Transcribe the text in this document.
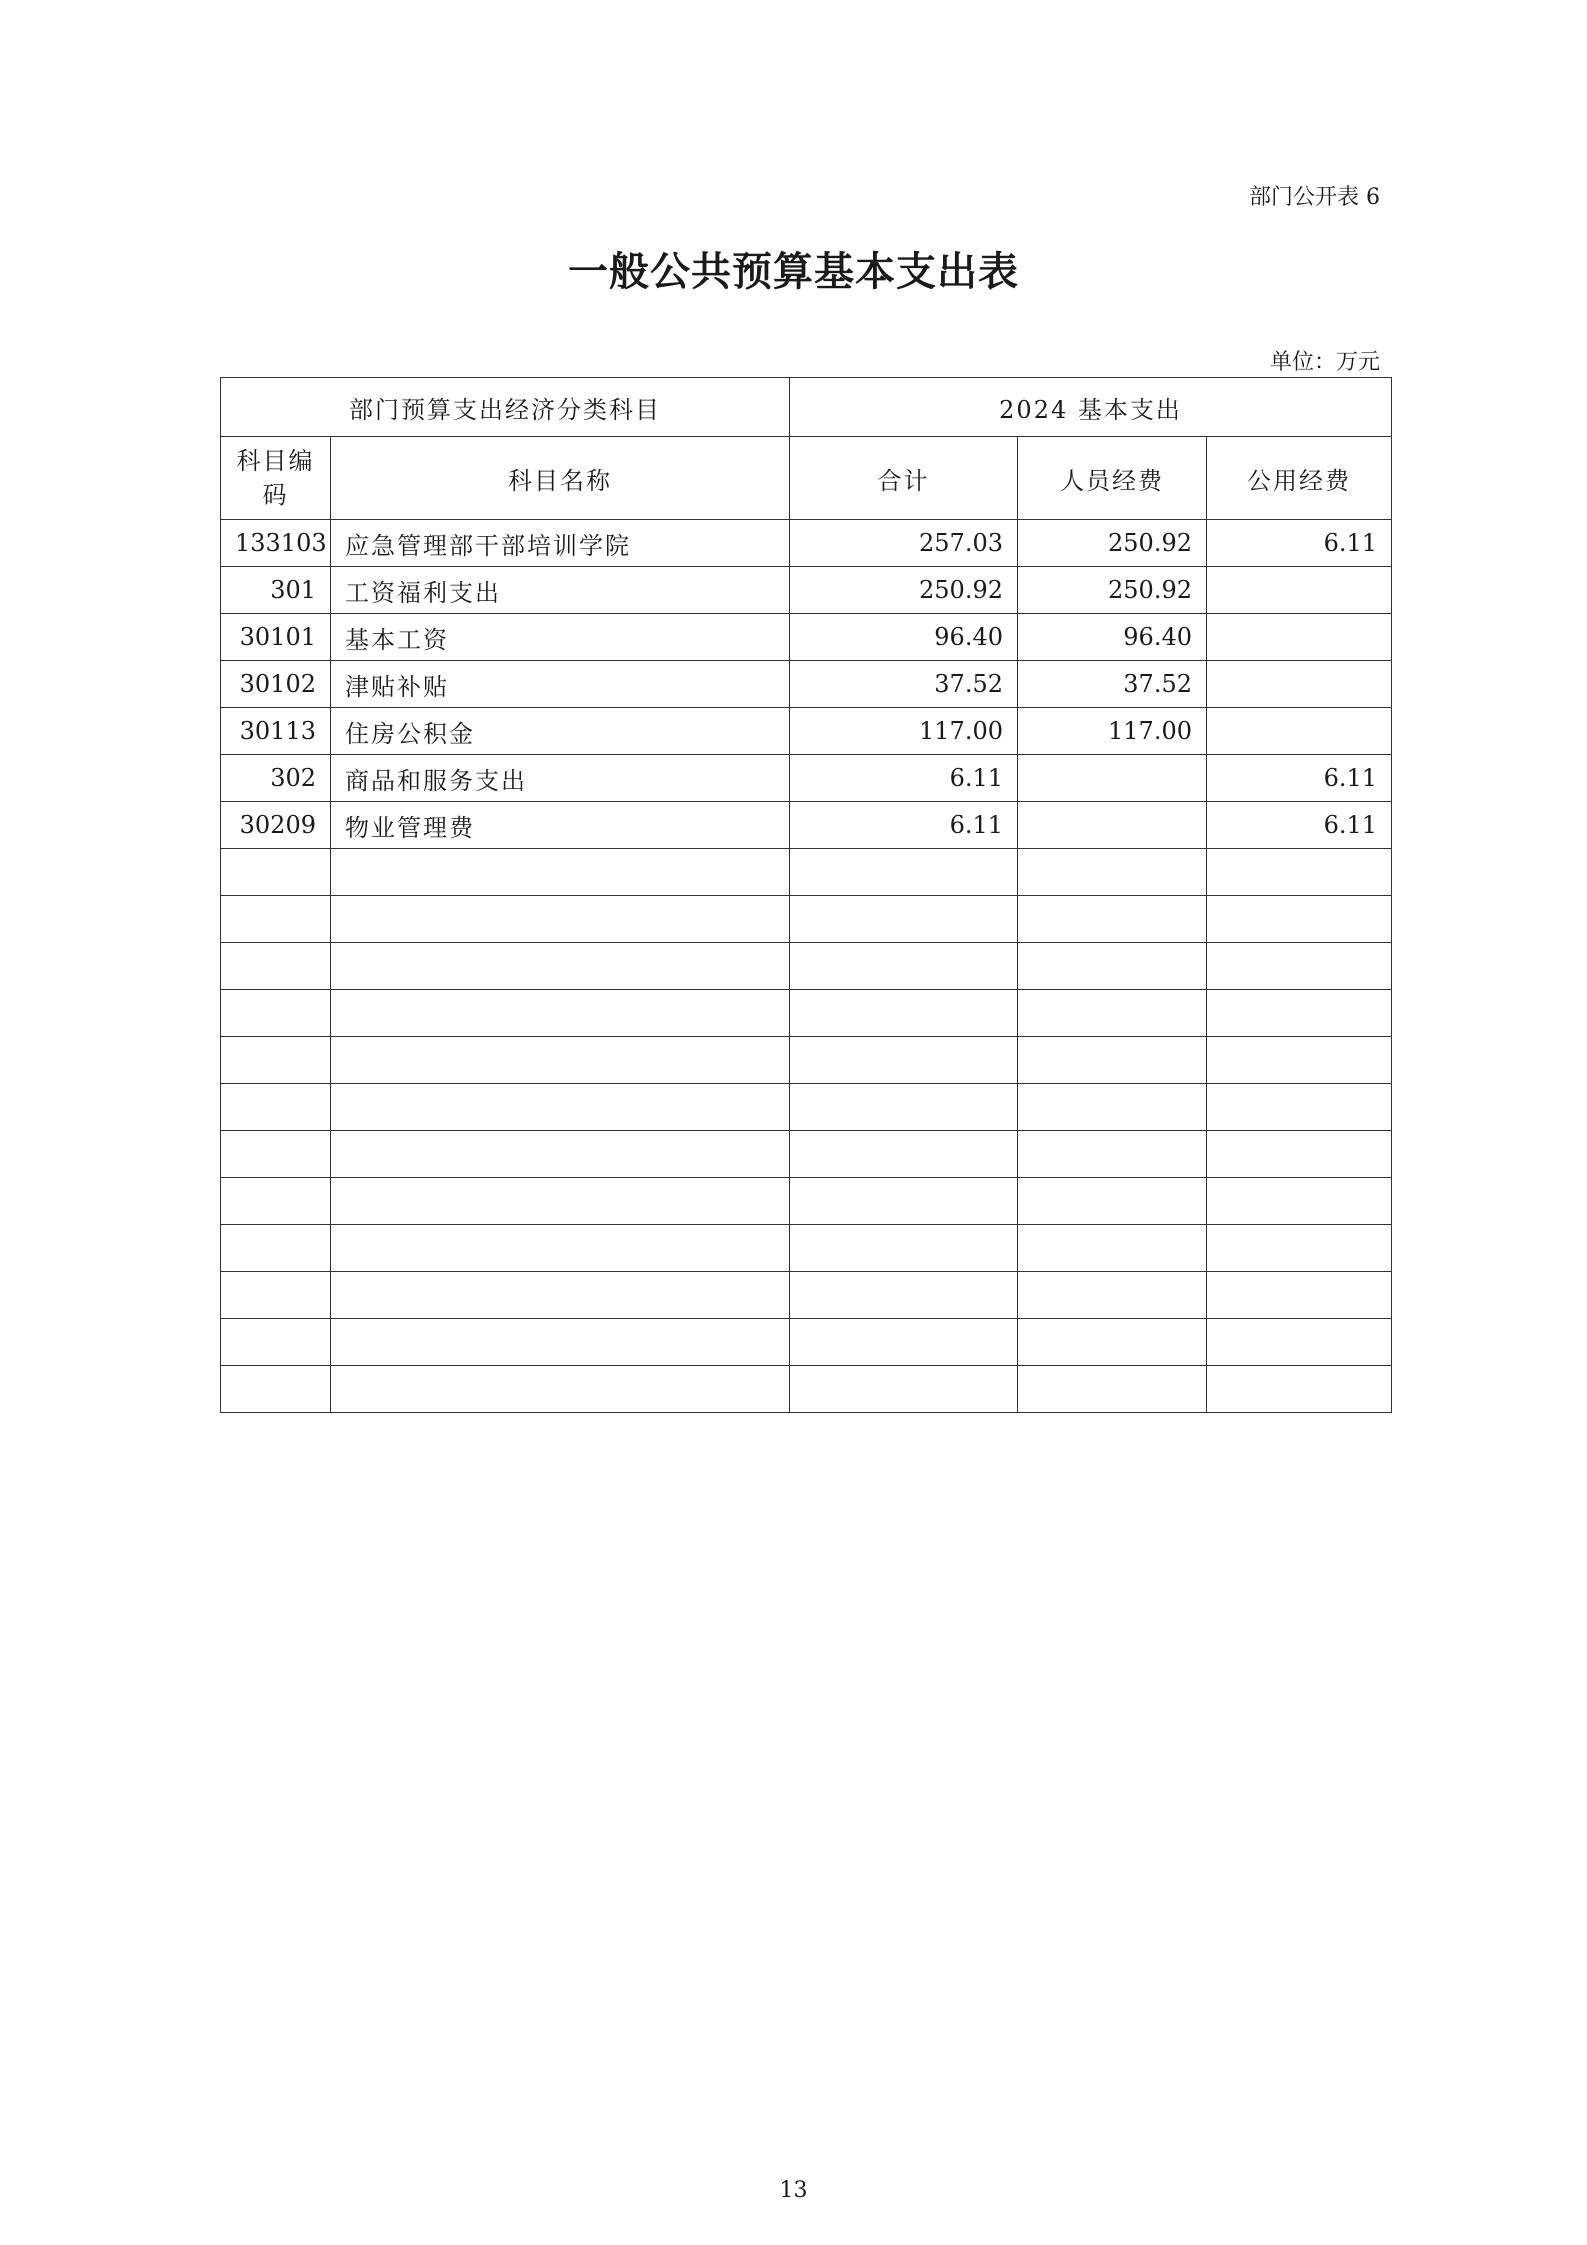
部门公开表 6
一般公共预算基本支出表
单位：万元
部门预算支出经济分类科目		2024 基本支出		
科目编码	科目名称	合计	人员经费	公用经费
133103	应急管理部干部培训学院	257.03	250.92	6.11
301	工资福利支出	250.92	250.92	
30101	基本工资	96.40	96.40	
30102	津贴补贴	37.52	37.52	
30113	住房公积金	117.00	117.00	
302	商品和服务支出	6.11		6.11
30209	物业管理费	6.11		6.11

13
